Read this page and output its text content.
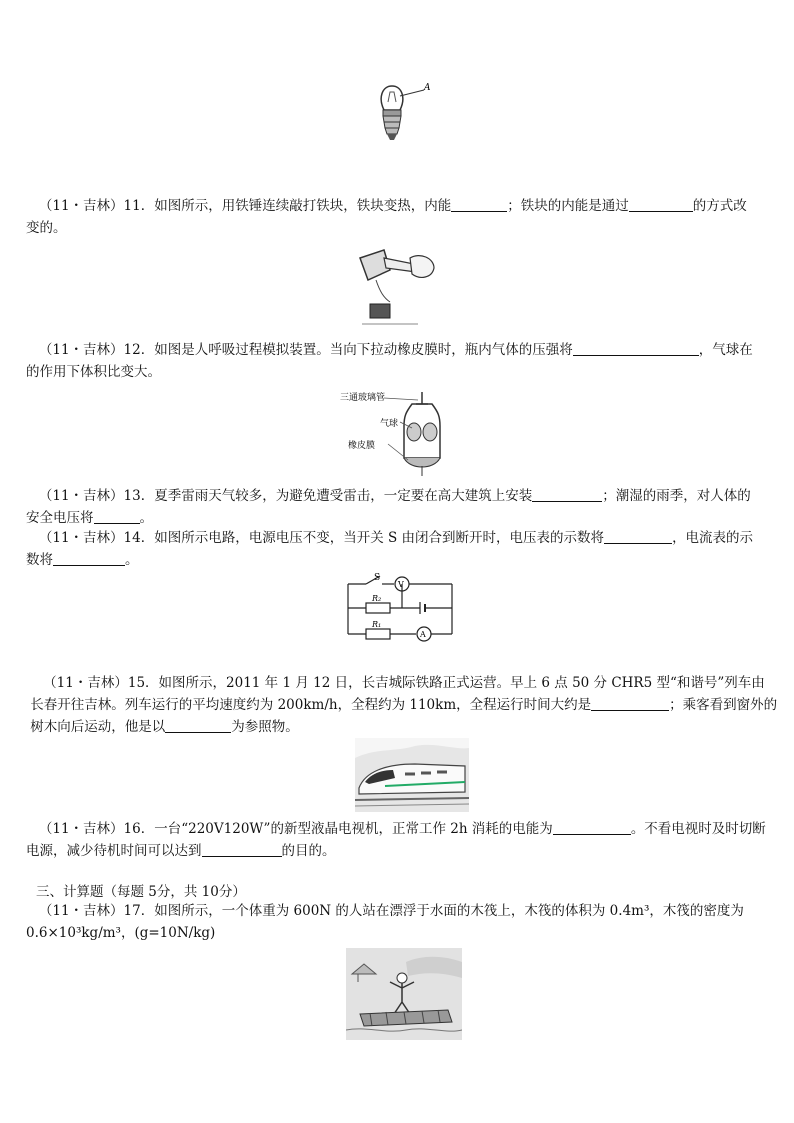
A
（11・吉林）11．如图所示，用铁锤连续敲打铁块，铁块变热，内能	；铁块的内能是通过	的方式改
变的。
（11・吉林）12．如图是人呼吸过程模拟装置。当向下拉动橡皮膜时，瓶内气体的压强将	，气球在
的作用下体积比变大。
三通玻璃管
气球
橡皮膜
（11・吉林）13．夏季雷雨天气较多，为避免遭受雷击，一定要在高大建筑上安装	；潮湿的雨季，对人体的
安全电压将	。
（11・吉林）14．如图所示电路，电源电压不变，当开关 S 由闭合到断开时，电压表的示数将	，电流表的示
数将	。
S
V
R₂
R₁
A
（11・吉林）15．如图所示，2011 年 1 月 12 日，长吉城际铁路正式运营。早上 6 点 50 分 CHR5 型“和谐号”列车由
长春开往吉林。列车运行的平均速度约为 200km/h，全程约为 110km，全程运行时间大约是	；乘客看到窗外的
树木向后运动，他是以	为参照物。
（11・吉林）16．一台“220V120W”的新型液晶电视机，正常工作 2h 消耗的电能为	。不看电视时及时切断
电源，减少待机时间可以达到	的目的。
三、计算题（每题 5分，共 10分）
（11・吉林）17．如图所示，一个体重为 600N 的人站在漂浮于水面的木筏上，木筏的体积为 0.4m³，木筏的密度为
0.6×10³kg/m³，(g=10N/kg)
